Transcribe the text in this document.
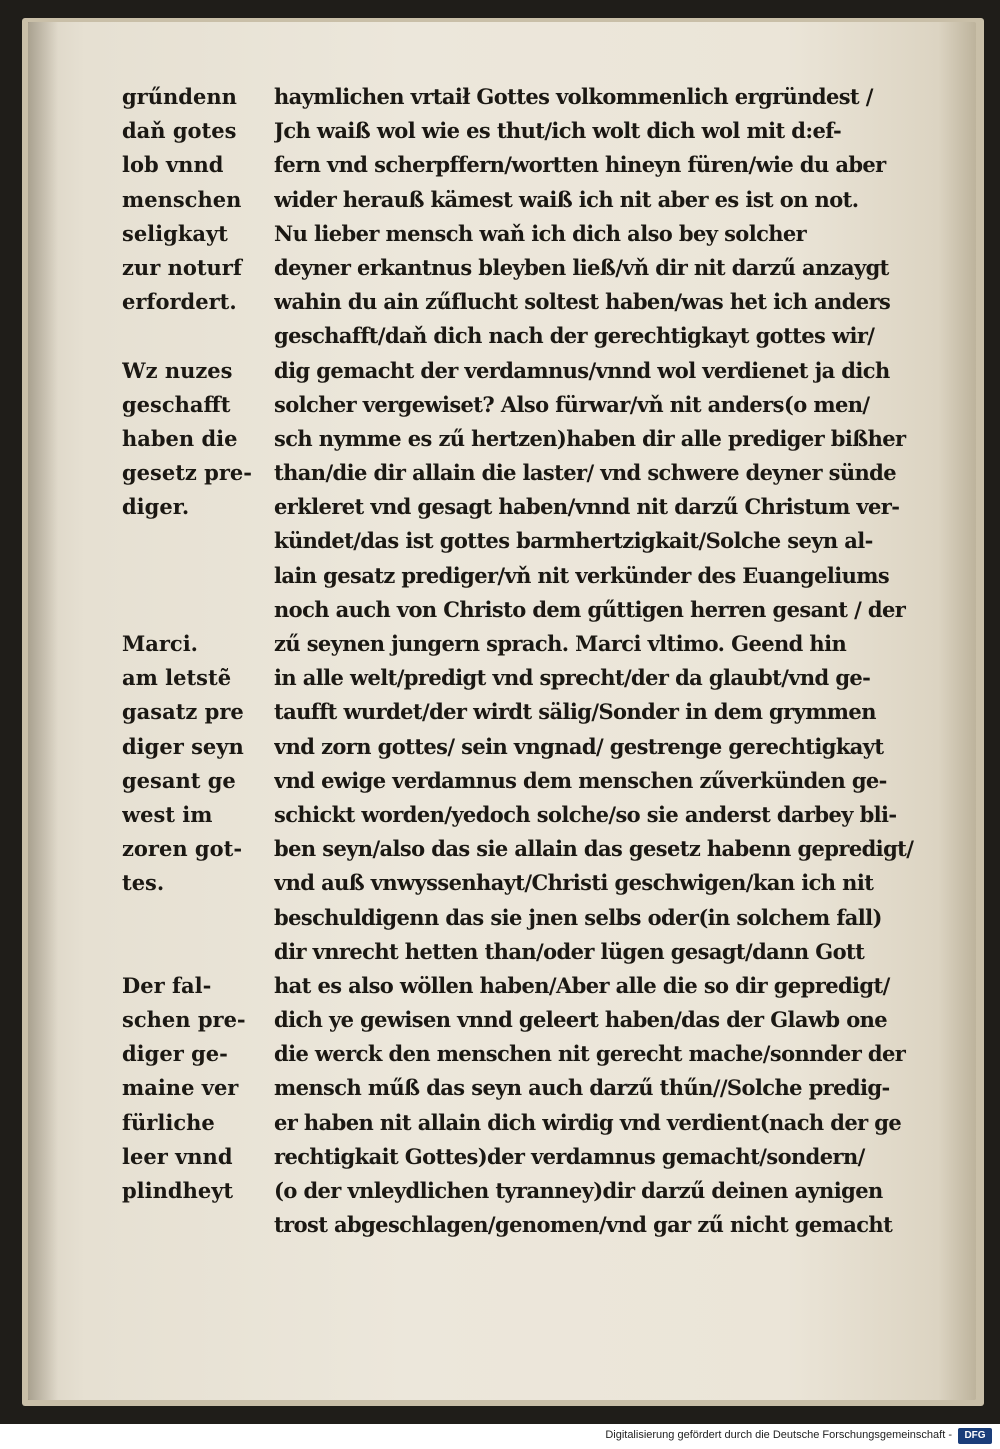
grűndenn	haymlichen vrtaił Gottes volkommenlich ergründest /
daň gotes	Jch waiß wol wie es thut/ich wolt dich wol mit d:ef-
lob vnnd	fern vnd scherpffern/wortten hineyn füren/wie du aber
menschen	wider herauß kämest waiß ich nit aber es ist on not.
seligkayt	Nu lieber mensch waň ich dich also bey solcher
zur noturf	deyner erkantnus bleyben ließ/vň dir nit darzű anzaygt
erfordert.	wahin du ain zűflucht soltest haben/was het ich anders
geschafft/daň dich nach der gerechtigkayt gottes wir/
Wz nuzes	dig gemacht der verdamnus/vnnd wol verdienet ja dich
geschafft	solcher vergewiset? Also fürwar/vň nit anders(o men/
haben die	sch nymme es zű hertzen)haben dir alle prediger bißher
gesetz pre-	than/die dir allain die laster/ vnd schwere deyner sünde
diger.	erkleret vnd gesagt haben/vnnd nit darzű Christum ver-
kündet/das ist gottes barmhertzigkait/Solche seyn al-
lain gesatz prediger/vň nit verkünder des Euangeliums
noch auch von Christo dem gűttigen herren gesant / der
Marci.	zű seynen jungern sprach. Marci vltimo. Geend hin
am letstẽ	in alle welt/predigt vnd sprecht/der da glaubt/vnd ge-
gasatz pre	taufft wurdet/der wirdt sälig/Sonder in dem grymmen
diger seyn	vnd zorn gottes/ sein vngnad/ gestrenge gerechtigkayt
gesant ge	vnd ewige verdamnus dem menschen zűverkünden ge-
west im	schickt worden/yedoch solche/so sie anderst darbey bli-
zoren got-	ben seyn/also das sie allain das gesetz habenn gepredigt/
tes.	vnd auß vnwyssenhayt/Christi geschwigen/kan ich nit
beschuldigenn das sie jnen selbs oder(in solchem fall)
dir vnrecht hetten than/oder lügen gesagt/dann Gott
Der fal-	hat es also wöllen haben/Aber alle die so dir gepredigt/
schen pre-	dich ye gewisen vnnd geleert haben/das der Glawb one
diger ge-	die werck den menschen nit gerecht mache/sonnder der
maine ver	mensch műß das seyn auch darzű thűn//Solche predig-
fürliche	er haben nit allain dich wirdig vnd verdient(nach der ge
leer vnnd	rechtigkait Gottes)der verdamnus gemacht/sondern/
plindheyt	(o der vnleydlichen tyranney)dir darzű deinen aynigen
trost abgeschlagen/genomen/vnd gar zű nicht gemacht
Digitalisierung gefördert durch die Deutsche Forschungsgemeinschaft -	DFG
